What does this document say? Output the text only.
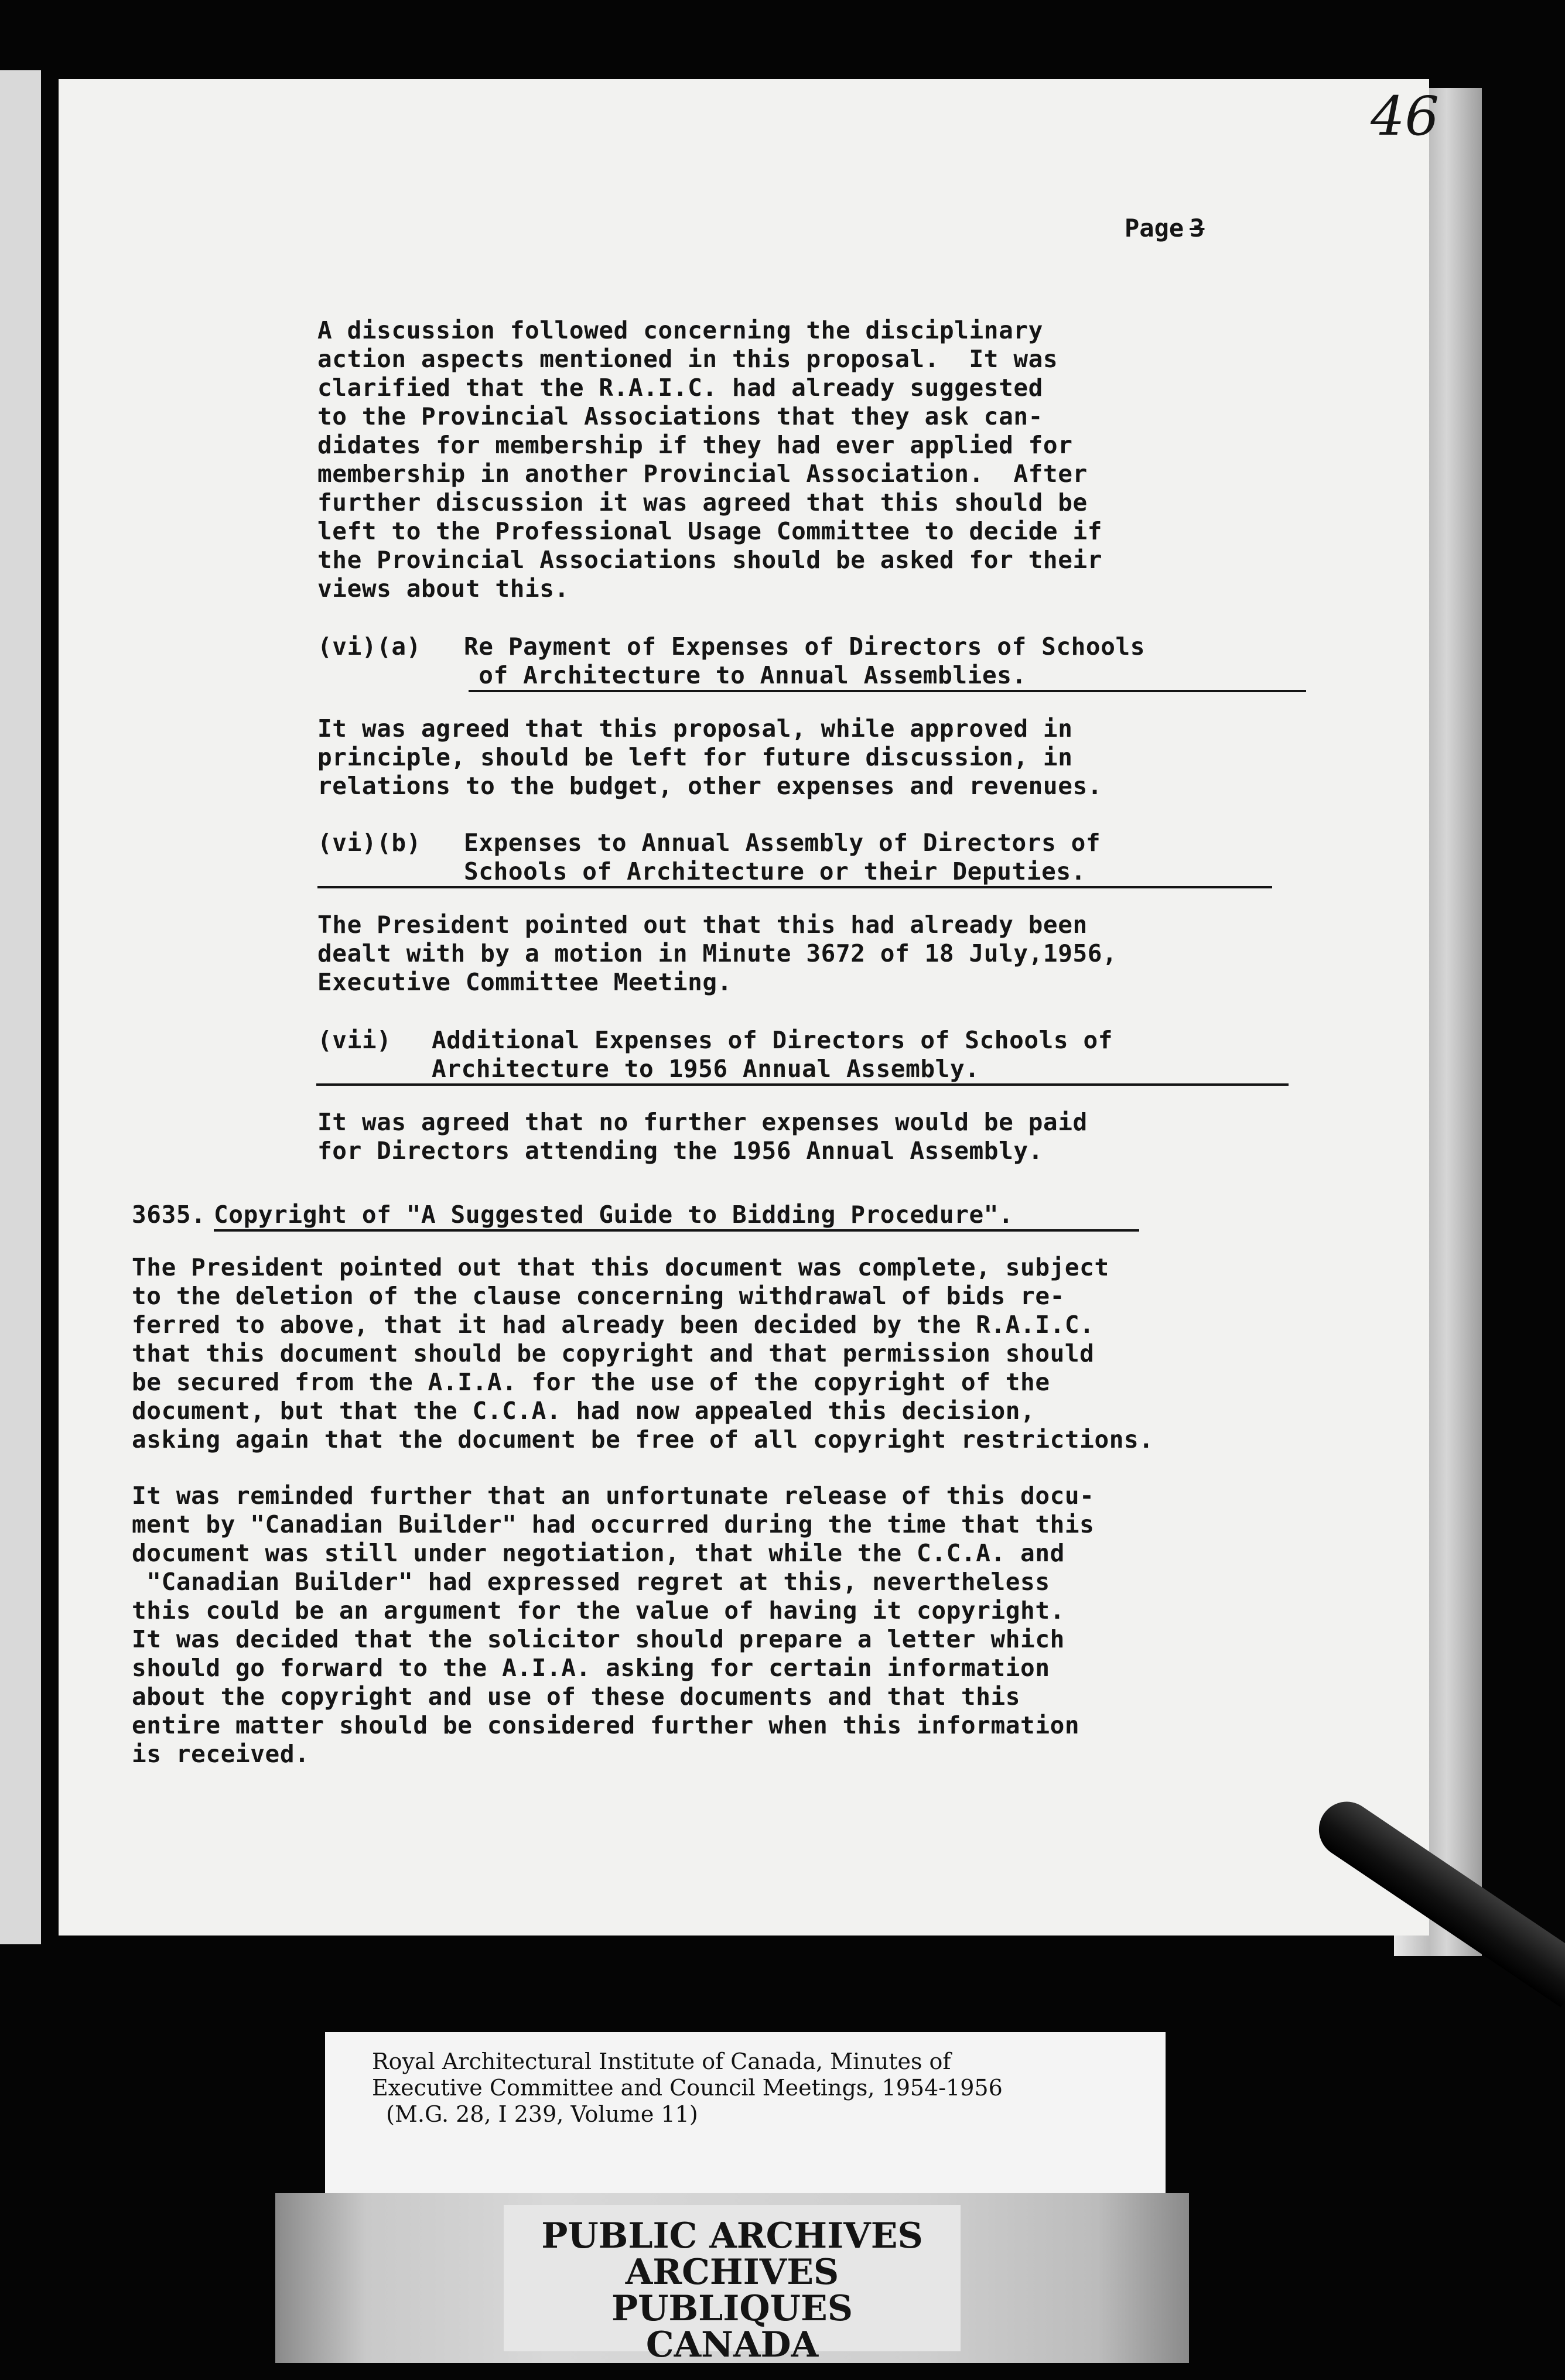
46
Page 3
A discussion followed concerning the disciplinary
action aspects mentioned in this proposal.  It was
clarified that the R.A.I.C. had already suggested
to the Provincial Associations that they ask can-
didates for membership if they had ever applied for
membership in another Provincial Association.  After
further discussion it was agreed that this should be
left to the Professional Usage Committee to decide if
the Provincial Associations should be asked for their
views about this.

(vi)(a)

Re Payment of Expenses of Directors of Schools
of Architecture to Annual Assemblies.

It was agreed that this proposal, while approved in
principle, should be left for future discussion, in
relations to the budget, other expenses and revenues.

(vi)(b)

Expenses to Annual Assembly of Directors of
Schools of Architecture or their Deputies.

The President pointed out that this had already been
dealt with by a motion in Minute 3672 of 18 July,1956,
Executive Committee Meeting.

(vii)

Additional Expenses of Directors of Schools of
Architecture to 1956 Annual Assembly.

It was agreed that no further expenses would be paid
for Directors attending the 1956 Annual Assembly.

3635.

Copyright of "A Suggested Guide to Bidding Procedure".

The President pointed out that this document was complete, subject
to the deletion of the clause concerning withdrawal of bids re-
ferred to above, that it had already been decided by the R.A.I.C.
that this document should be copyright and that permission should
be secured from the A.I.A. for the use of the copyright of the
document, but that the C.C.A. had now appealed this decision,
asking again that the document be free of all copyright restrictions.
It was reminded further that an unfortunate release of this docu-
ment by "Canadian Builder" had occurred during the time that this
document was still under negotiation, that while the C.C.A. and
"Canadian Builder" had expressed regret at this, nevertheless
this could be an argument for the value of having it copyright.
It was decided that the solicitor should prepare a letter which
should go forward to the A.I.A. asking for certain information
about the copyright and use of these documents and that this
entire matter should be considered further when this information
is received.
Royal Architectural Institute of Canada, Minutes of
Executive Committee and Council Meetings, 1954-1956
(M.G. 28, I 239, Volume 11)
PUBLIC ARCHIVES
ARCHIVES PUBLIQUES
CANADA
